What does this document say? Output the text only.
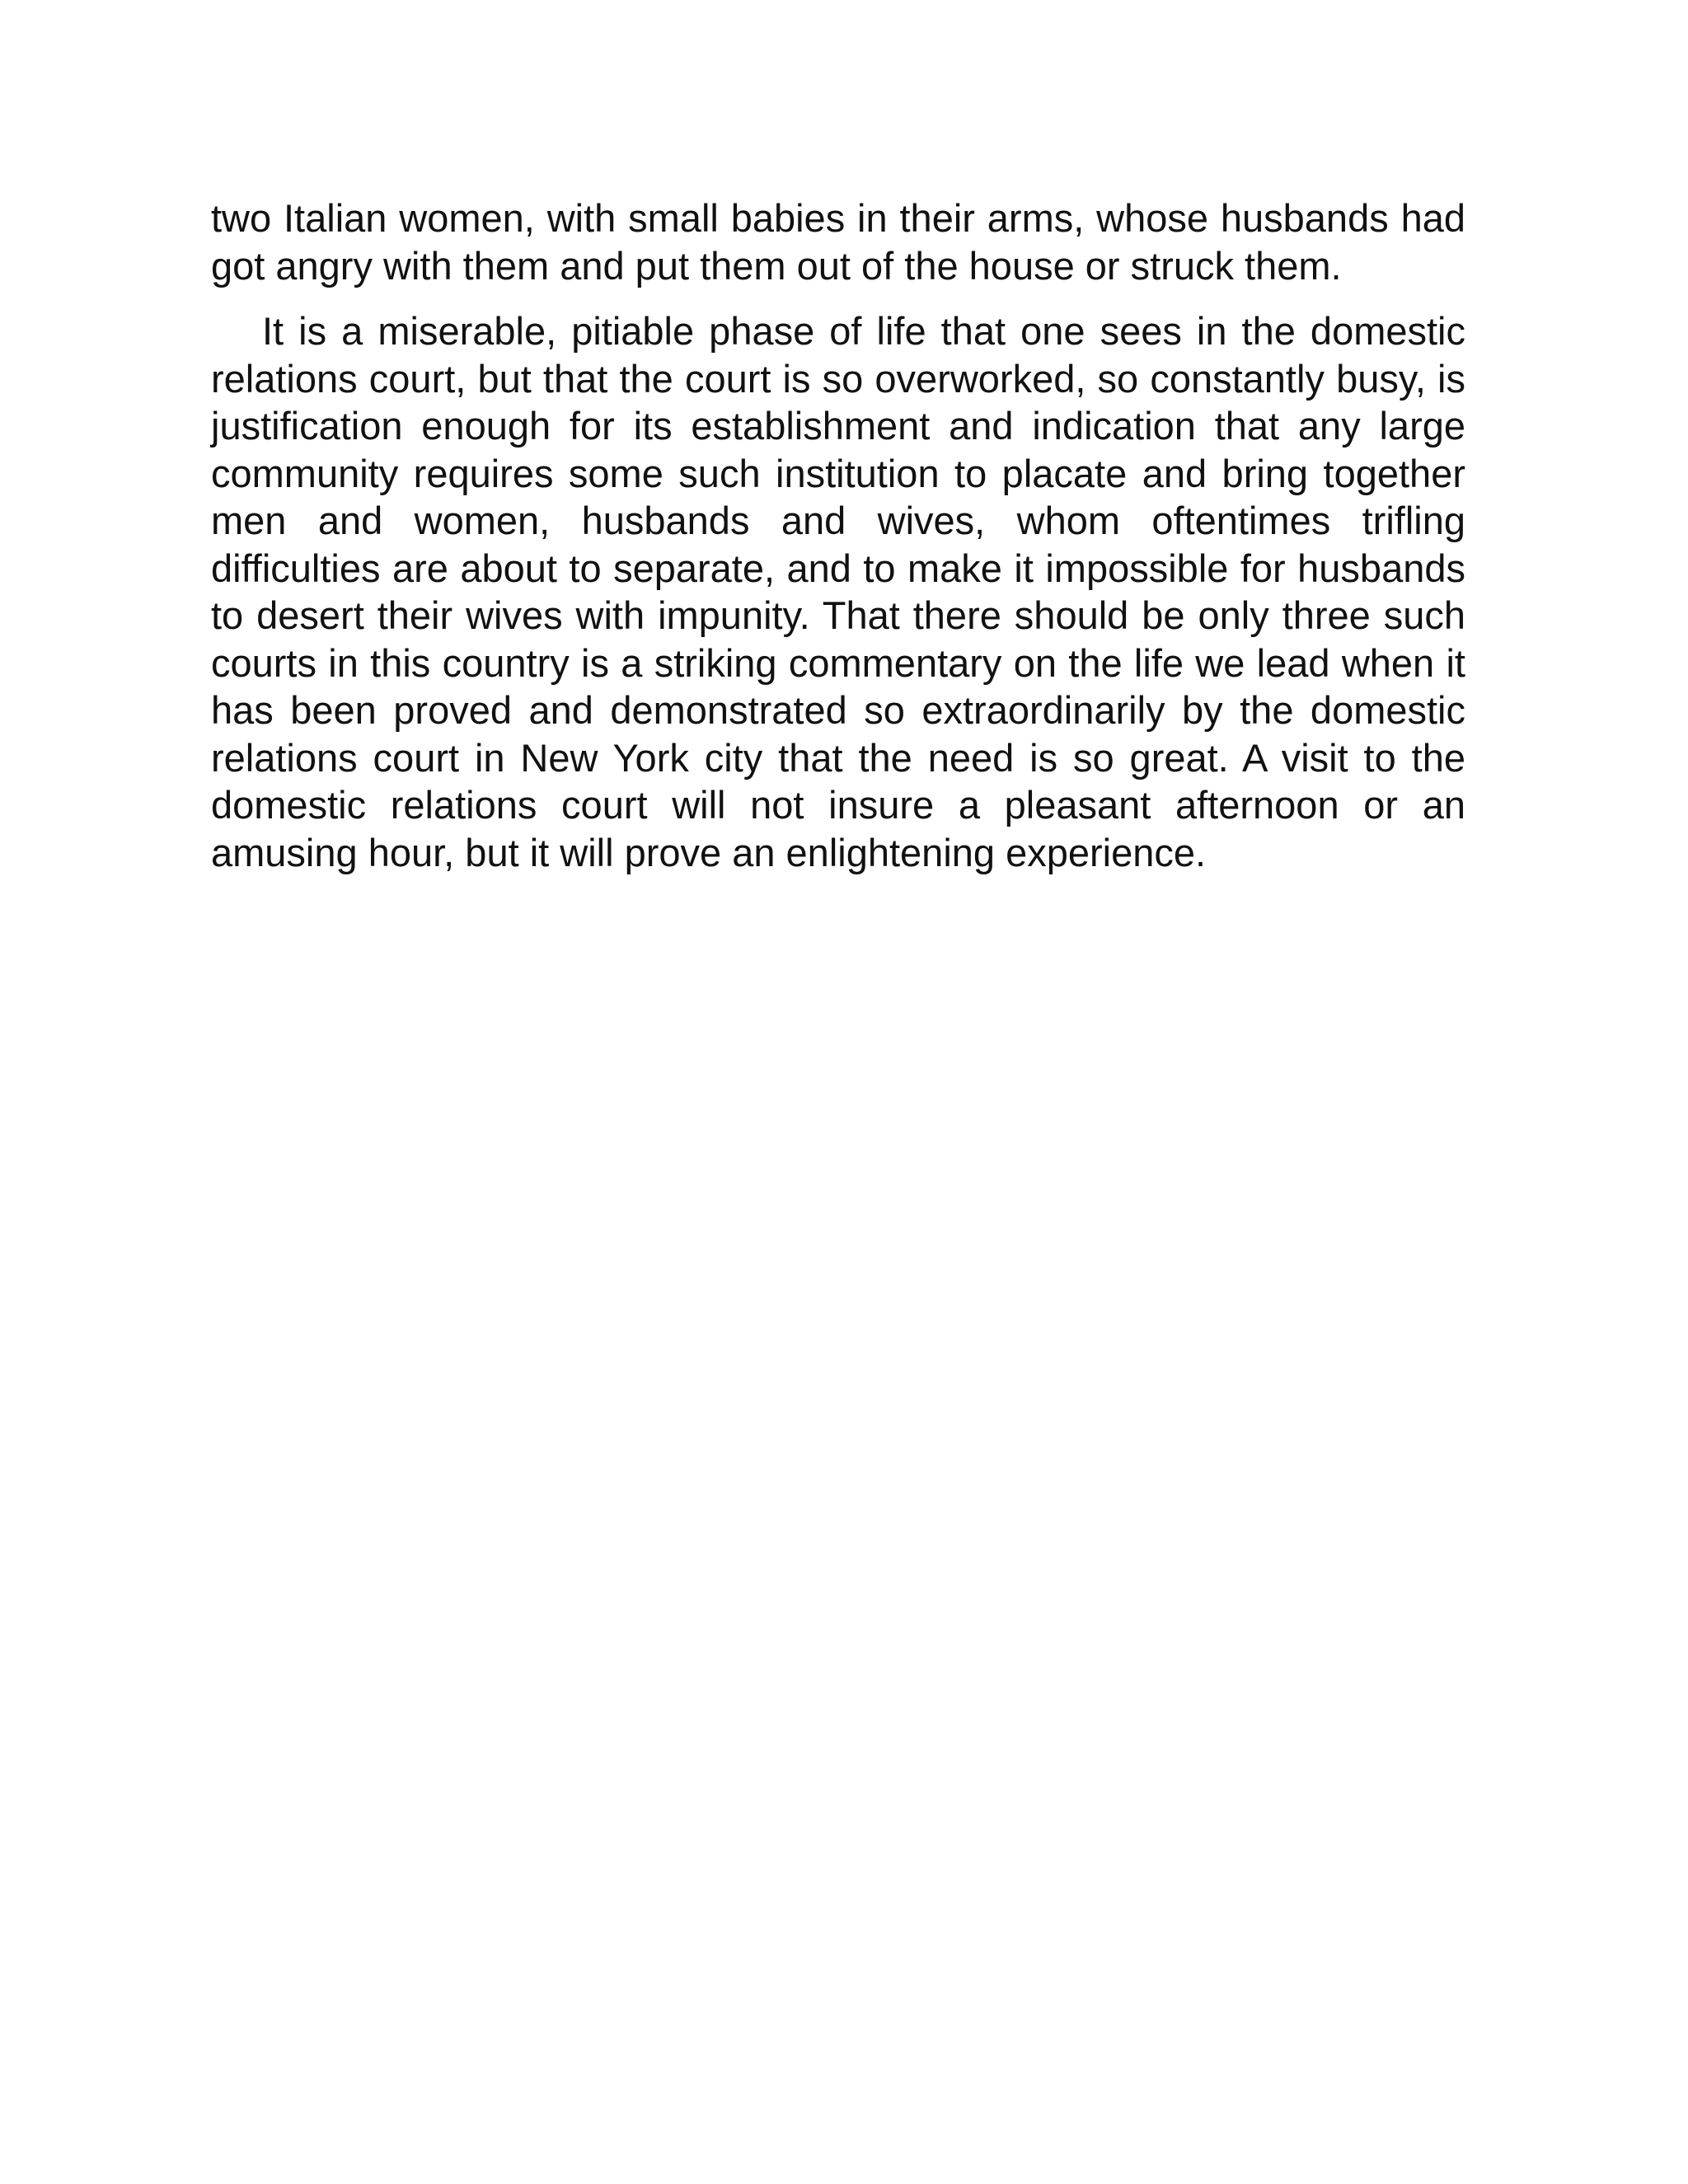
two Italian women, with small babies in their arms, whose husbands had got angry with them and put them out of the house or struck them.

It is a miserable, pitiable phase of life that one sees in the domestic relations court, but that the court is so overworked, so constantly busy, is justification enough for its establishment and indication that any large community requires some such institution to placate and bring together men and women, husbands and wives, whom oftentimes trifling difficulties are about to separate, and to make it impossible for husbands to desert their wives with impunity. That there should be only three such courts in this country is a striking commentary on the life we lead when it has been proved and demonstrated so extraordinarily by the domestic relations court in New York city that the need is so great. A visit to the domestic relations court will not insure a pleasant afternoon or an amusing hour, but it will prove an enlightening experience.
